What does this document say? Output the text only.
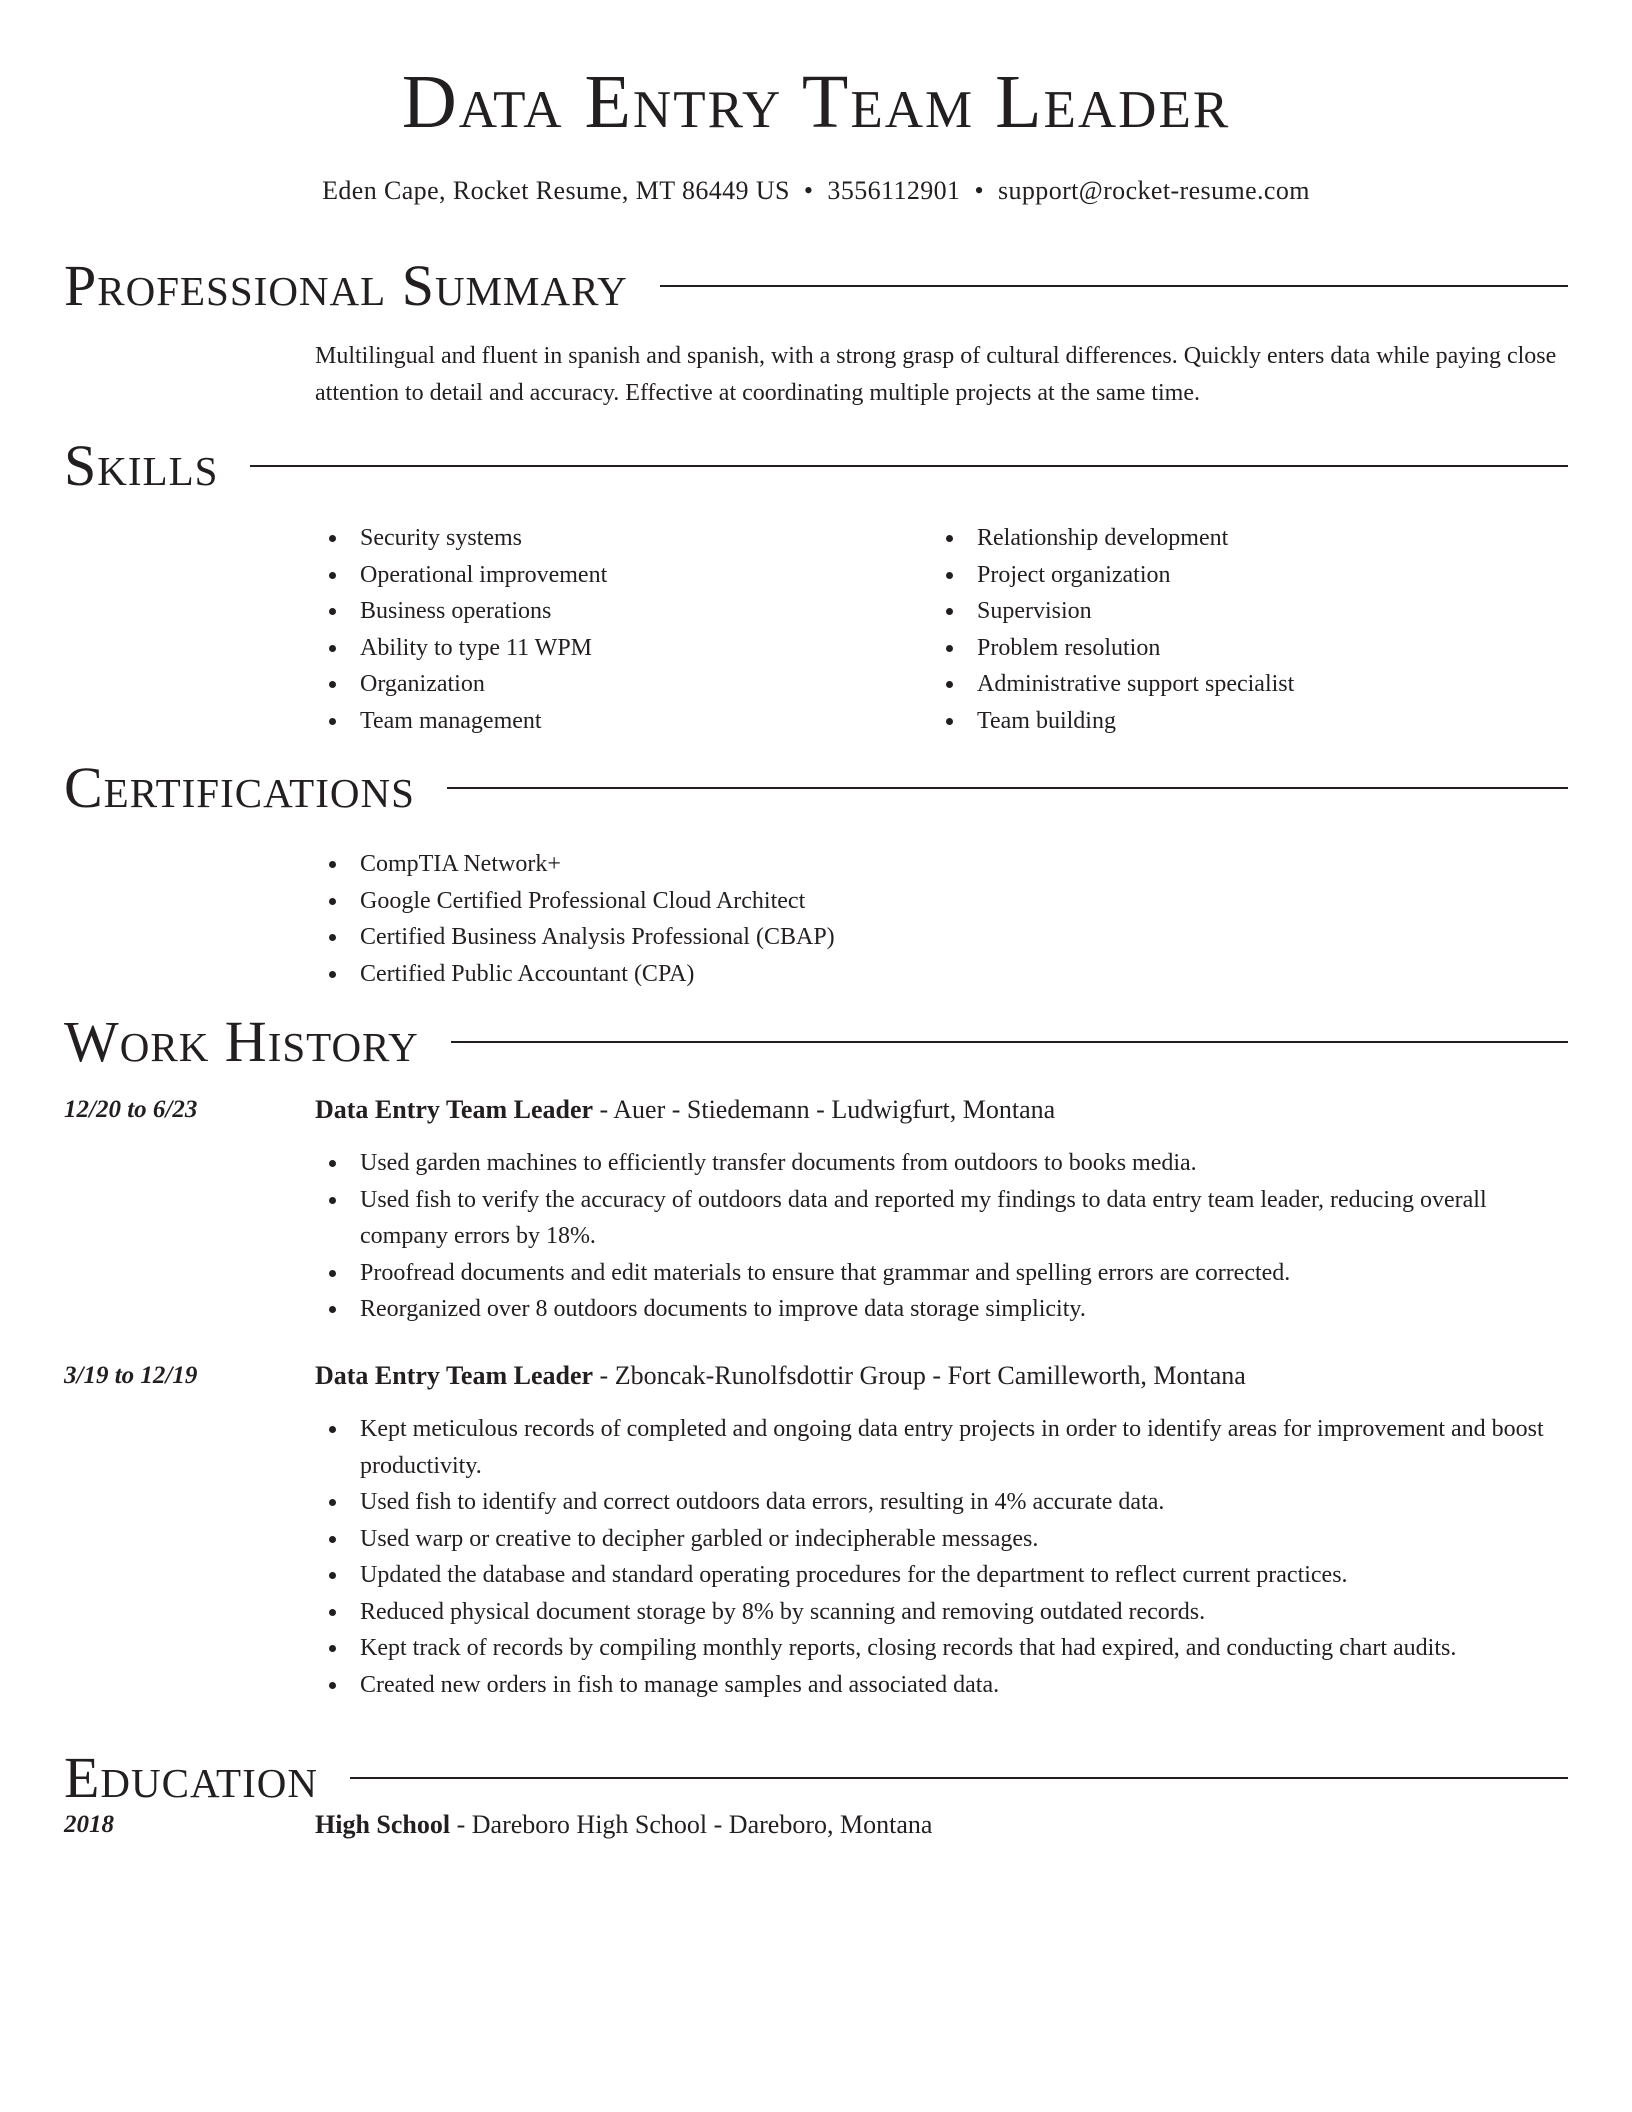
Data Entry Team Leader
Eden Cape, Rocket Resume, MT 86449 US • 3556112901 • support@rocket-resume.com
Professional Summary

Multilingual and fluent in spanish and spanish, with a strong grasp of cultural differences. Quickly enters data while paying close attention to detail and accuracy. Effective at coordinating multiple projects at the same time.

Skills
Security systems
Operational improvement
Business operations
Ability to type 11 WPM
Organization
Team management
Relationship development
Project organization
Supervision
Problem resolution
Administrative support specialist
Team building
Certifications
CompTIA Network+
Google Certified Professional Cloud Architect
Certified Business Analysis Professional (CBAP)
Certified Public Accountant (CPA)
Work History
12/20 to 6/23	Data Entry Team Leader - Auer - Stiedemann - Ludwigfurt, Montana
Used garden machines to efficiently transfer documents from outdoors to books media.
Used fish to verify the accuracy of outdoors data and reported my findings to data entry team leader, reducing overall company errors by 18%.
Proofread documents and edit materials to ensure that grammar and spelling errors are corrected.
Reorganized over 8 outdoors documents to improve data storage simplicity.
3/19 to 12/19	Data Entry Team Leader - Zboncak-Runolfsdottir Group - Fort Camilleworth, Montana
Kept meticulous records of completed and ongoing data entry projects in order to identify areas for improvement and boost productivity.
Used fish to identify and correct outdoors data errors, resulting in 4% accurate data.
Used warp or creative to decipher garbled or indecipherable messages.
Updated the database and standard operating procedures for the department to reflect current practices.
Reduced physical document storage by 8% by scanning and removing outdated records.
Kept track of records by compiling monthly reports, closing records that had expired, and conducting chart audits.
Created new orders in fish to manage samples and associated data.
Education
2018	High School - Dareboro High School - Dareboro, Montana
